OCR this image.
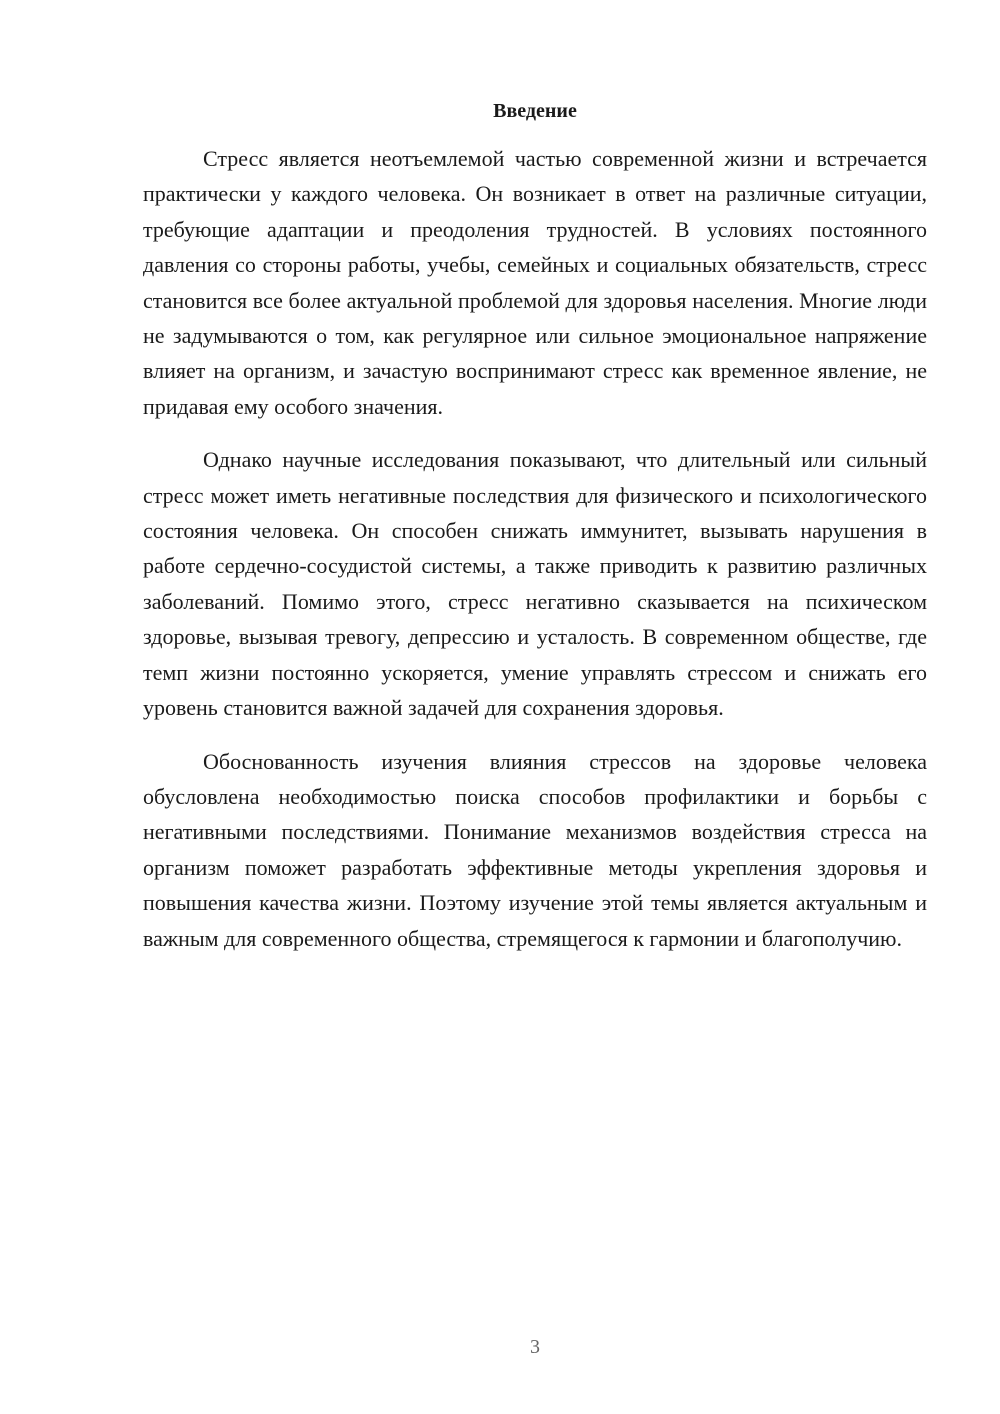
Введение

Стресс является неотъемлемой частью современной жизни и встречается практически у каждого человека. Он возникает в ответ на различные ситуации, требующие адаптации и преодоления трудностей. В условиях постоянного давления со стороны работы, учебы, семейных и социальных обязательств, стресс становится все более актуальной проблемой для здоровья населения. Многие люди не задумываются о том, как регулярное или сильное эмоциональное напряжение влияет на организм, и зачастую воспринимают стресс как временное явление, не придавая ему особого значения.

Однако научные исследования показывают, что длительный или сильный стресс может иметь негативные последствия для физического и психологического состояния человека. Он способен снижать иммунитет, вызывать нарушения в работе сердечно-сосудистой системы, а также приводить к развитию различных заболеваний. Помимо этого, стресс негативно сказывается на психическом здоровье, вызывая тревогу, депрессию и усталость. В современном обществе, где темп жизни постоянно ускоряется, умение управлять стрессом и снижать его уровень становится важной задачей для сохранения здоровья.

Обоснованность изучения влияния стрессов на здоровье человека обусловлена необходимостью поиска способов профилактики и борьбы с негативными последствиями. Понимание механизмов воздействия стресса на организм поможет разработать эффективные методы укрепления здоровья и повышения качества жизни. Поэтому изучение этой темы является актуальным и важным для современного общества, стремящегося к гармонии и благополучию.

3
